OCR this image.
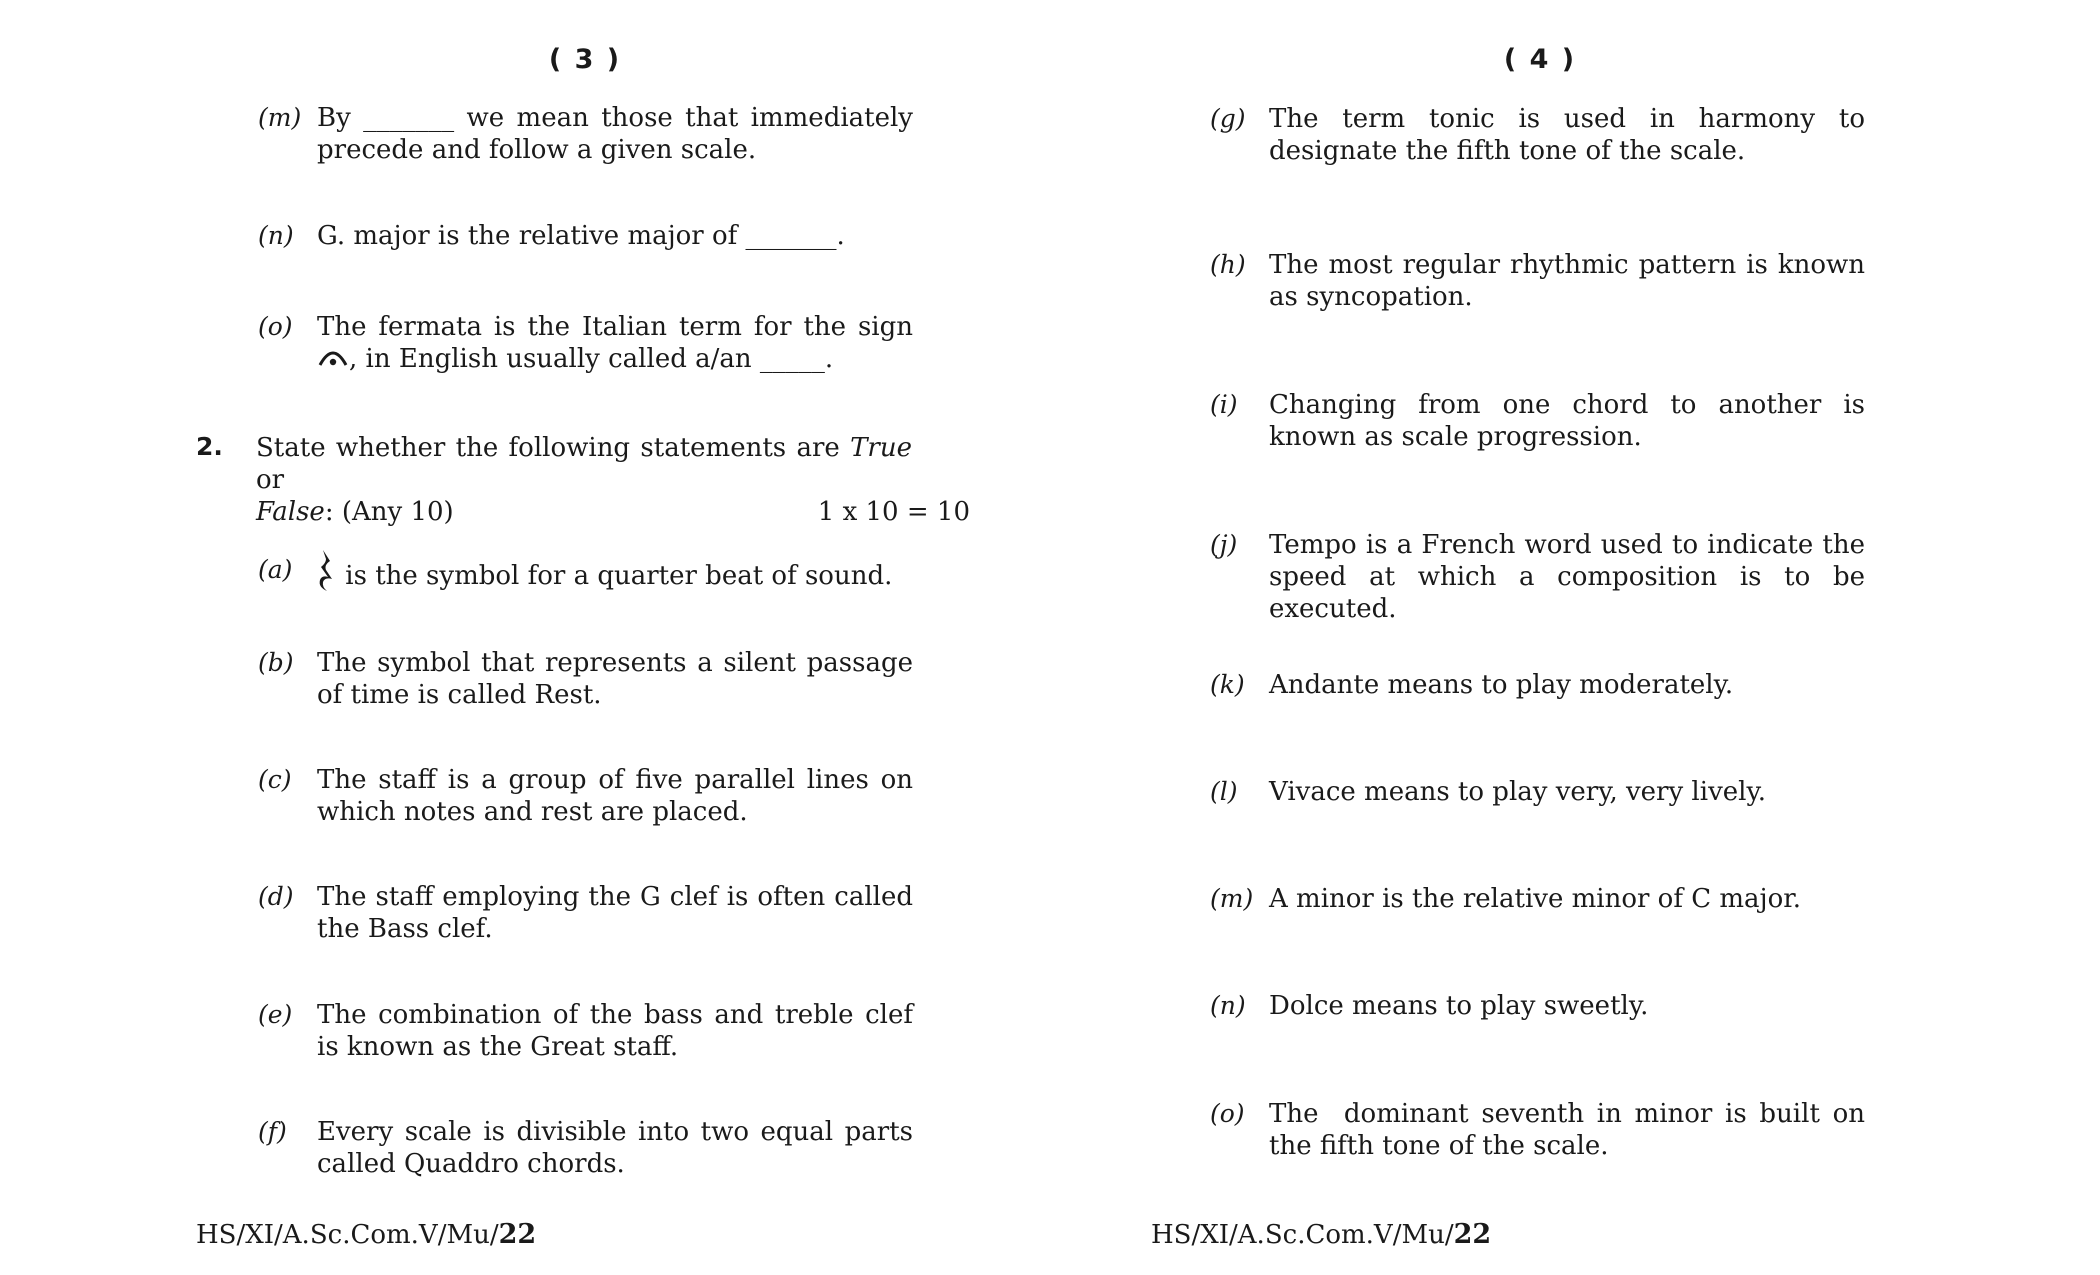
( 3 )
(m) By _______ we mean those that immediately precede and follow a given scale.
(n) G. major is the relative major of _______.
(o) The fermata is the Italian term for the sign , in English usually called a/an _____.
2. State whether the following statements are True or
False: (Any 10)	1 x 10 = 10
(a)	is the symbol for a quarter beat of sound.
(b) The symbol that represents a silent passage of time is called Rest.
(c) The staff is a group of five parallel lines on which notes and rest are placed.
(d) The staff employing the G clef is often called the Bass clef.
(e) The combination of the bass and treble clef is known as the Great staff.
(f) Every scale is divisible into two equal parts called Quaddro chords.
HS/XI/A.Sc.Com.V/Mu/22
( 4 )
(g) The term tonic is used in harmony to designate the fifth tone of the scale.
(h) The most regular rhythmic pattern is known as syncopation.
(i) Changing from one chord to another is known as scale progression.
(j) Tempo is a French word used to indicate the speed at which a composition is to be executed.
(k) Andante means to play moderately.
(l) Vivace means to play very, very lively.
(m) A minor is the relative minor of C major.
(n) Dolce means to play sweetly.
(o) The  dominant seventh in minor is built on the fifth tone of the scale.
HS/XI/A.Sc.Com.V/Mu/22
